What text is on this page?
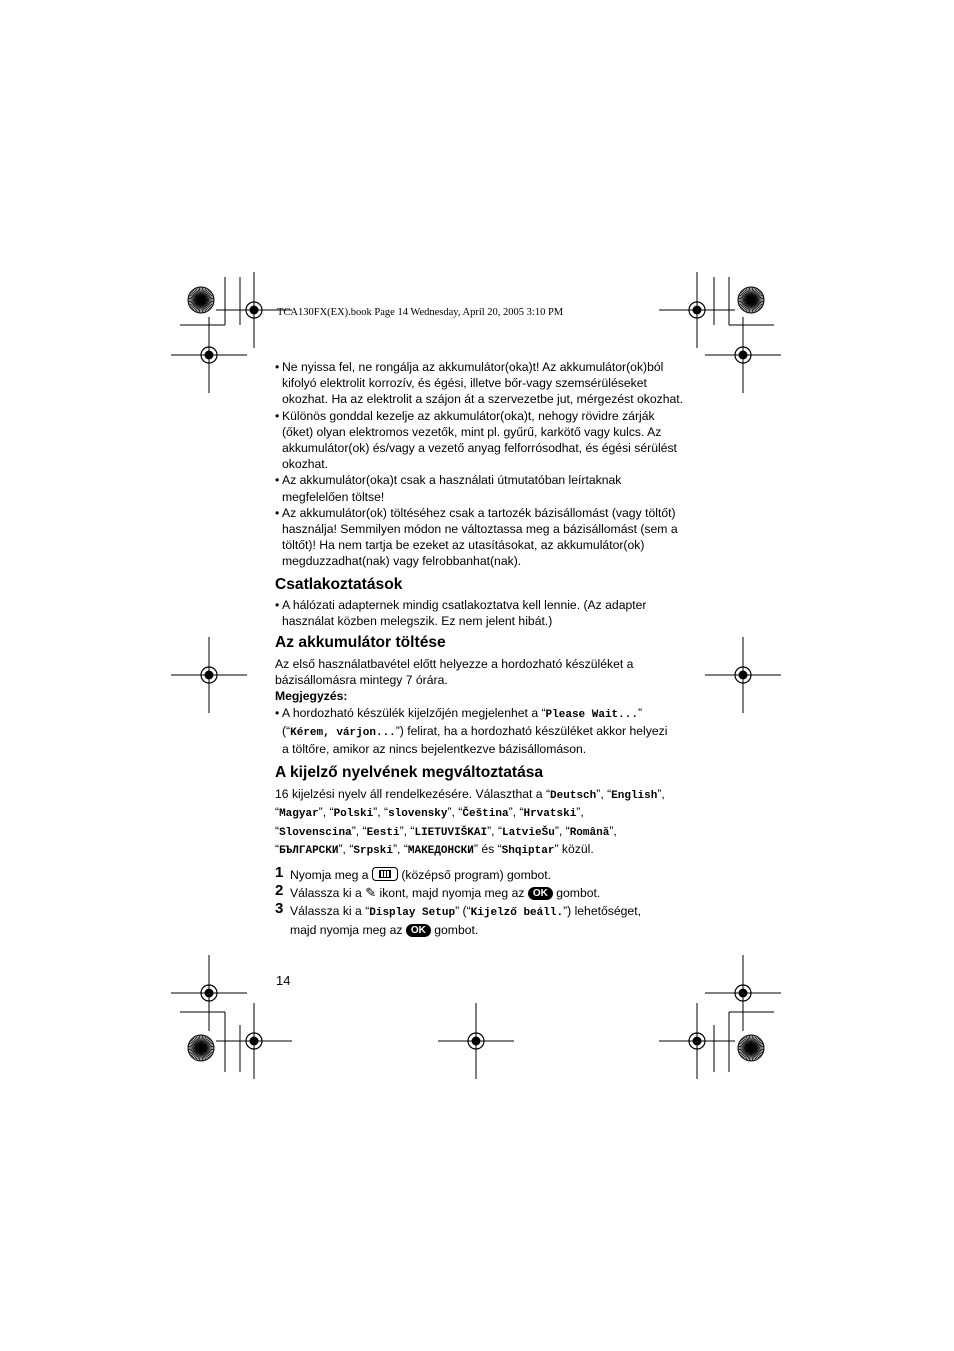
TCA130FX(EX).book Page 14 Wednesday, April 20, 2005 3:10 PM
• Ne nyissa fel, ne rongálja az akkumulátor(oka)t! Az akkumulátor(ok)ból
kifolyó elektrolit korrozív, és égési, illetve bőr-vagy szemsérüléseket
okozhat. Ha az elektrolit a szájon át a szervezetbe jut, mérgezést okozhat.
• Különös gonddal kezelje az akkumulátor(oka)t, nehogy rövidre zárják
(őket) olyan elektromos vezetők, mint pl. gyűrű, karkötő vagy kulcs. Az
akkumulátor(ok) és/vagy a vezető anyag felforrósodhat, és égési sérülést
okozhat.
• Az akkumulátor(oka)t csak a használati útmutatóban leírtaknak
megfelelően töltse!
• Az akkumulátor(ok) töltéséhez csak a tartozék bázisállomást (vagy töltőt)
használja! Semmilyen módon ne változtassa meg a bázisállomást (sem a
töltőt)! Ha nem tartja be ezeket az utasításokat, az akkumulátor(ok)
megduzzadhat(nak) vagy felrobbanhat(nak).
Csatlakoztatások
• A hálózati adapternek mindig csatlakoztatva kell lennie. (Az adapter
használat közben melegszik. Ez nem jelent hibát.)
Az akkumulátor töltése
Az első használatbavétel előtt helyezze a hordozható készüléket a
bázisállomásra mintegy 7 órára.
Megjegyzés:
• A hordozható készülék kijelzőjén megjelenhet a “Please Wait...”
(“Kérem, várjon...”) felirat, ha a hordozható készüléket akkor helyezi
a töltőre, amikor az nincs bejelentkezve bázisállomáson.
A kijelző nyelvének megváltoztatása
16 kijelzési nyelv áll rendelkezésére. Választhat a “Deutsch”, “English”,
“Magyar”, “Polski”, “slovensky”, “Čeština”, “Hrvatski”,
“Slovenscina”, “Eesti”, “LIETUVIŠKAI”, “LatvieŠu”, “Română”,
“БЪЛГАРСКИ”, “Srpski”, “МАКЕДОНСКИ” és “Shqiptar” közül.
1 Nyomja meg a	(középső program) gombot.
2 Válassza ki a ✎ ikont, majd nyomja meg az OK gombot.
3 Válassza ki a “Display Setup” (“Kijelző beáll.”) lehetőséget,
majd nyomja meg az OK gombot.
14
